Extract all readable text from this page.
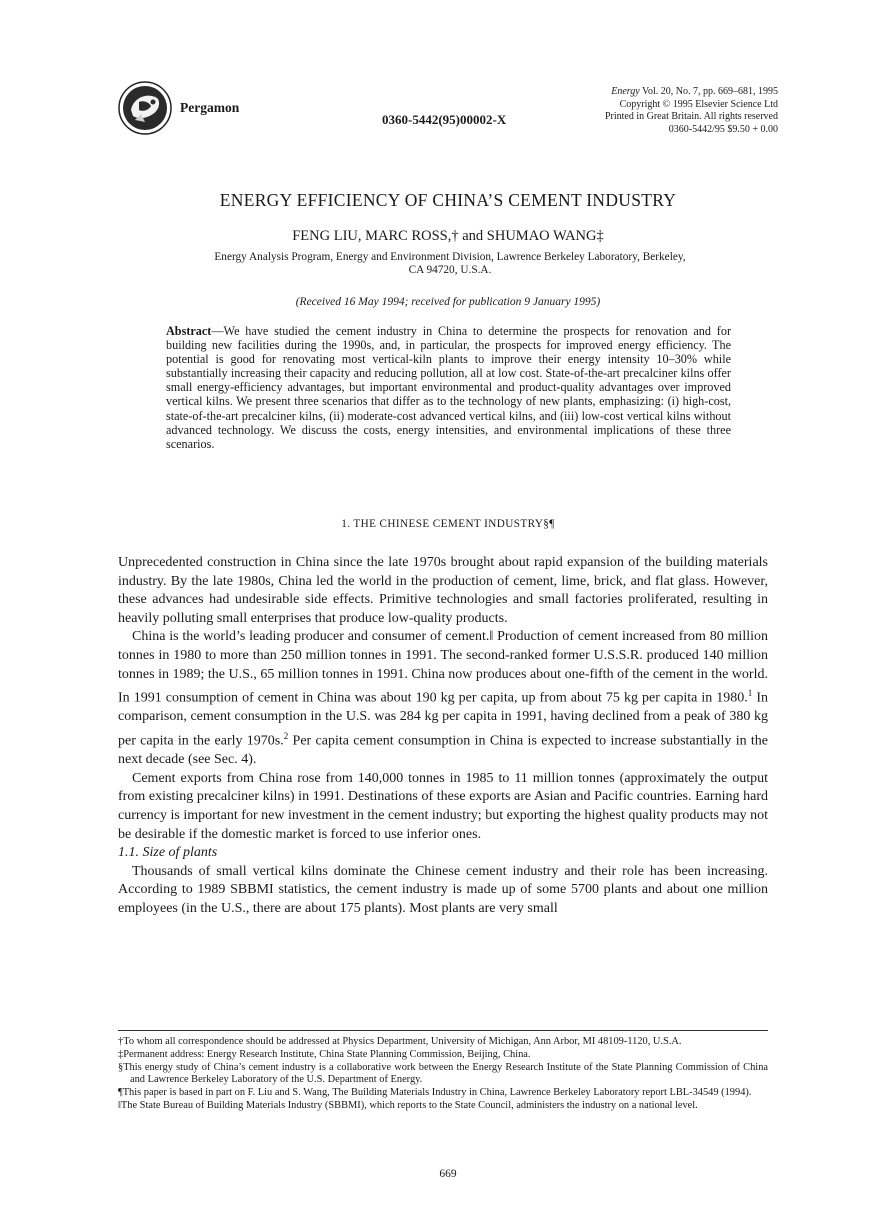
Pergamon
0360-5442(95)00002-X
Energy Vol. 20, No. 7, pp. 669–681, 1995
Copyright © 1995 Elsevier Science Ltd
Printed in Great Britain. All rights reserved
0360-5442/95 $9.50 + 0.00
ENERGY EFFICIENCY OF CHINA’S CEMENT INDUSTRY
FENG LIU, MARC ROSS,† and SHUMAO WANG‡
Energy Analysis Program, Energy and Environment Division, Lawrence Berkeley Laboratory, Berkeley,
CA 94720, U.S.A.
(Received 16 May 1994; received for publication 9 January 1995)
Abstract—We have studied the cement industry in China to determine the prospects for renovation and for building new facilities during the 1990s, and, in particular, the prospects for improved energy efficiency. The potential is good for renovating most vertical-kiln plants to improve their energy intensity 10–30% while substantially increasing their capacity and reducing pollution, all at low cost. State-of-the-art precalciner kilns offer small energy-efficiency advantages, but important environmental and product-quality advantages over improved vertical kilns. We present three scenarios that differ as to the technology of new plants, emphasizing: (i) high-cost, state-of-the-art precalciner kilns, (ii) moderate-cost advanced vertical kilns, and (iii) low-cost vertical kilns without advanced technology. We discuss the costs, energy intensities, and environmental implications of these three scenarios.
1. THE CHINESE CEMENT INDUSTRY§¶

Unprecedented construction in China since the late 1970s brought about rapid expansion of the building materials industry. By the late 1980s, China led the world in the production of cement, lime, brick, and flat glass. However, these advances had undesirable side effects. Primitive technologies and small factories proliferated, resulting in heavily polluting small enterprises that produce low-quality products.

China is the world’s leading producer and consumer of cement.‖ Production of cement increased from 80 million tonnes in 1980 to more than 250 million tonnes in 1991. The second-ranked former U.S.S.R. produced 140 million tonnes in 1989; the U.S., 65 million tonnes in 1991. China now produces about one-fifth of the cement in the world. In 1991 consumption of cement in China was about 190 kg per capita, up from about 75 kg per capita in 1980.$^1$ In comparison, cement consumption in the U.S. was 284 kg per capita in 1991, having declined from a peak of 380 kg per capita in the early 1970s.$^2$ Per capita cement consumption in China is expected to increase substantially in the next decade (see Sec. 4).

Cement exports from China rose from 140,000 tonnes in 1985 to 11 million tonnes (approximately the output from existing precalciner kilns) in 1991. Destinations of these exports are Asian and Pacific countries. Earning hard currency is important for new investment in the cement industry; but exporting the highest quality products may not be desirable if the domestic market is forced to use inferior ones.

1.1. Size of plants

Thousands of small vertical kilns dominate the Chinese cement industry and their role has been increasing. According to 1989 SBBMI statistics, the cement industry is made up of some 5700 plants and about one million employees (in the U.S., there are about 175 plants). Most plants are very small

†To whom all correspondence should be addressed at Physics Department, University of Michigan, Ann Arbor, MI 48109-1120, U.S.A.

‡Permanent address: Energy Research Institute, China State Planning Commission, Beijing, China.

§This energy study of China’s cement industry is a collaborative work between the Energy Research Institute of the State Planning Commission of China and Lawrence Berkeley Laboratory of the U.S. Department of Energy.

¶This paper is based in part on F. Liu and S. Wang, The Building Materials Industry in China, Lawrence Berkeley Laboratory report LBL-34549 (1994).

‖The State Bureau of Building Materials Industry (SBBMI), which reports to the State Council, administers the industry on a national level.

669
